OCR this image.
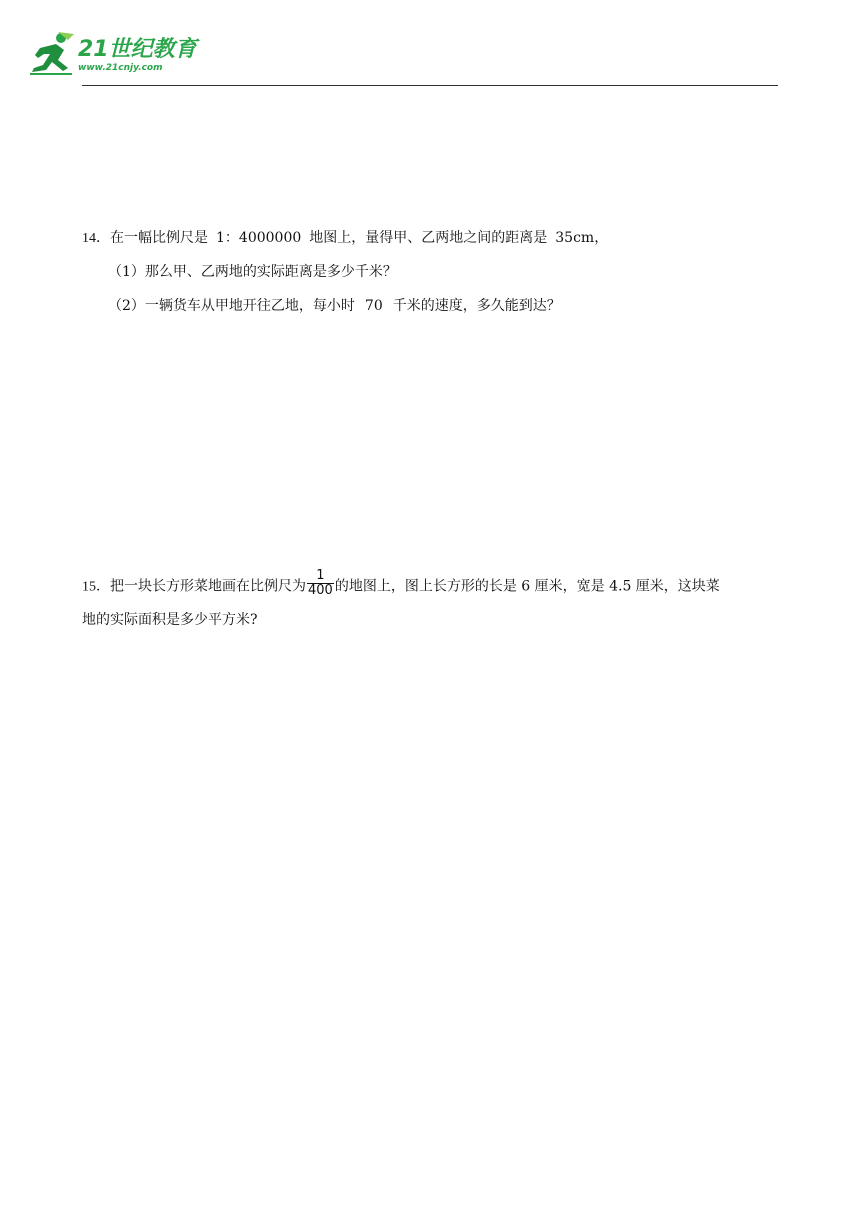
21世纪教育
www.21cnjy.com
14．在一幅比例尺是 1：4000000 地图上，量得甲、乙两地之间的距离是 35cm，
（1）那么甲、乙两地的实际距离是多少千米？
（2）一辆货车从甲地开往乙地，每小时 70 千米的速度，多久能到达？
15．把一块长方形菜地画在比例尺为 $\frac{1}{400}$ 的地图上，图上长方形的长是 6 厘米，宽是 4.5 厘米，这块菜
地的实际面积是多少平方米?
